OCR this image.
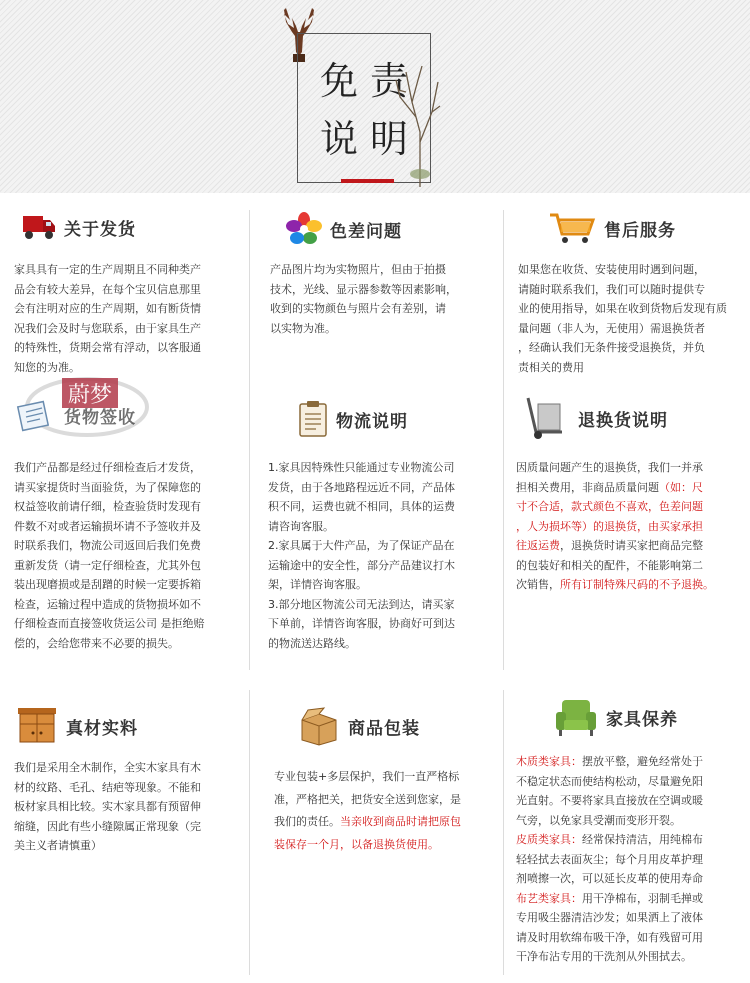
免责
说明
关于发货
家具具有一定的生产周期且不同种类产
品会有较大差异，在每个宝贝信息那里
会有注明对应的生产周期，如有断货情
况我们会及时与您联系，由于家具生产
的特殊性，货期会常有浮动，以客服通
知您的为准。
色差问题
产品图片均为实物照片，但由于拍摄
技术，光线、显示器参数等因素影响，
收到的实物颜色与照片会有差别，请
以实物为准。
售后服务
如果您在收货、安装使用时遇到问题，
请随时联系我们，我们可以随时提供专
业的使用指导，如果在收到货物后发现有质
量问题（非人为，无使用）需退换货者
，经确认我们无条件接受退换货，并负
责相关的费用
蔚梦
货物签收
我们产品都是经过仔细检查后才发货，
请买家提货时当面验货，为了保障您的
权益签收前请仔细，检查验货时发现有
件数不对或者运输损坏请不予签收并及
时联系我们，物流公司返回后我们免费
重新发货（请一定仔细检查，尤其外包
装出现磨损或是刮蹭的时候一定要拆箱
检查，运输过程中造成的货物损坏如不
仔细检查而直接签收货运公司 是拒绝赔
偿的，会给您带来不必要的损失。
物流说明
1.家具因特殊性只能通过专业物流公司
发货，由于各地路程远近不同，产品体
积不同，运费也就不相同，具体的运费
请咨询客服。
2.家具属于大件产品，为了保证产品在
运输途中的安全性，部分产品建议打木
架，详情咨询客服。
3.部分地区物流公司无法到达，请买家
下单前，详情咨询客服，协商好可到达
的物流送达路线。
退换货说明
因质量问题产生的退换货，我们一并承
担相关费用，非商品质量问题（如：尺
寸不合适，款式颜色不喜欢，色差问题
，人为损坏等）的退换货，由买家承担
往返运费，退换货时请买家把商品完整
的包装好和相关的配件，不能影响第二
次销售，所有订制特殊尺码的不予退换。
真材实料
我们是采用全木制作，全实木家具有木
材的纹路、毛孔、结疤等现象。不能和
板材家具相比较。实木家具都有预留伸
缩缝，因此有些小缝隙属正常现象（完
美主义者请慎重）
商品包装
专业包装+多层保护，我们一直严格标
准，严格把关，把货安全送到您家，是
我们的责任。当亲收到商品时请把原包
装保存一个月，以备退换货使用。
家具保养
木质类家具：摆放平整，避免经常处于
不稳定状态而使结构松动，尽量避免阳
光直射。不要将家具直接放在空调或暖
气旁，以免家具受潮而变形开裂。
皮质类家具：经常保持清洁，用纯棉布
轻轻拭去表面灰尘；每个月用皮革护理
剂喷擦一次，可以延长皮革的使用寿命
布艺类家具：用干净棉布，羽制毛掸或
专用吸尘器清洁沙发；如果洒上了液体
请及时用软绵布吸干净，如有残留可用
干净布沾专用的干洗剂从外围拭去。
